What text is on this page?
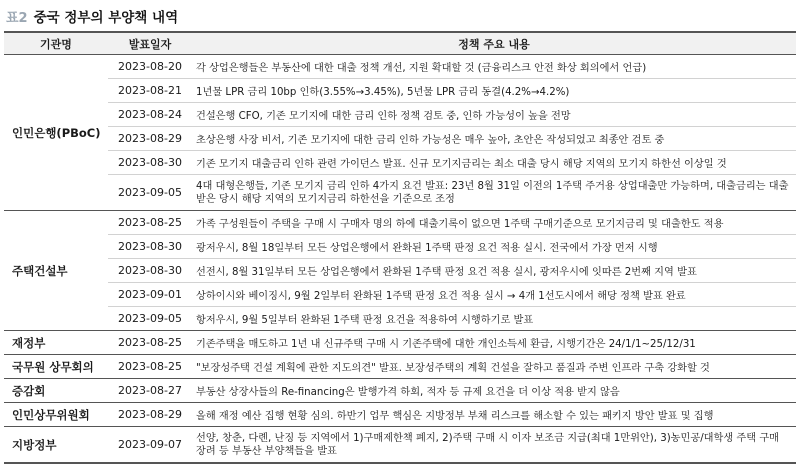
표2 중국 정부의 부양책 내역
기관명	발표일자	정책 주요 내용
인민은행(PBoC)	2023-08-20	각 상업은행들은 부동산에 대한 대출 정책 개선, 지원 확대할 것 (금융리스크 안전 화상 회의에서 언급)
	2023-08-21	1년물 LPR 금리 10bp 인하(3.55%→3.45%), 5년물 LPR 금리 동결(4.2%→4.2%)
	2023-08-24	건설은행 CFO, 기존 모기지에 대한 금리 인하 정책 검토 중, 인하 가능성이 높을 전망
	2023-08-29	초상은행 사장 비서, 기존 모기지에 대한 금리 인하 가능성은 매우 높아, 초안은 작성되었고 최종안 검토 중
	2023-08-30	기존 모기지 대출금리 인하 관련 가이던스 발표. 신규 모기지금리는 최소 대출 당시 해당 지역의 모기지 하한선 이상일 것
	2023-09-05	4대 대형은행들, 기존 모기지 금리 인하 4가지 요건 발표: 23년 8월 31일 이전의 1주택 주거용 상업대출만 가능하며, 대출금리는 대출 받은 당시 해당 지역의 모기지금리 하한선을 기준으로 조정
주택건설부	2023-08-25	가족 구성원들이 주택을 구매 시 구매자 명의 하에 대출기록이 없으면 1주택 구매기준으로 모기지금리 및 대출한도 적용
	2023-08-30	광저우시, 8월 18일부터 모든 상업은행에서 완화된 1주택 판정 요건 적용 실시. 전국에서 가장 먼저 시행
	2023-08-30	선전시, 8월 31일부터 모든 상업은행에서 완화된 1주택 판정 요건 적용 실시, 광저우시에 잇따른 2번째 지역 발표
	2023-09-01	상하이시와 베이징시, 9월 2일부터 완화된 1주택 판정 요건 적용 실시 → 4개 1선도시에서 해당 정책 발표 완료
	2023-09-05	항저우시, 9월 5일부터 완화된 1주택 판정 요건을 적용하여 시행하기로 발표
재정부	2023-08-25	기존주택을 매도하고 1년 내 신규주택 구매 시 기존주택에 대한 개인소득세 환급, 시행기간은 24/1/1~25/12/31
국무원 상무회의	2023-08-25	"보장성주택 건설 계획에 관한 지도의견" 발표. 보장성주택의 계획 건설을 잘하고 품질과 주변 인프라 구축 강화할 것
증감회	2023-08-27	부동산 상장사들의 Re-financing은 발행가격 하회, 적자 등 규제 요건을 더 이상 적용 받지 않음
인민상무위원회	2023-08-29	올해 재정 예산 집행 현황 심의. 하반기 업무 핵심은 지방정부 부채 리스크를 해소할 수 있는 패키지 방안 발표 및 집행
지방정부	2023-09-07	선양, 창춘, 다롄, 난징 등 지역에서 1)구매제한책 폐지, 2)주택 구매 시 이자 보조금 지급(최대 1만위안), 3)농민공/대학생 주택 구매 장려 등 부동산 부양책들을 발표
